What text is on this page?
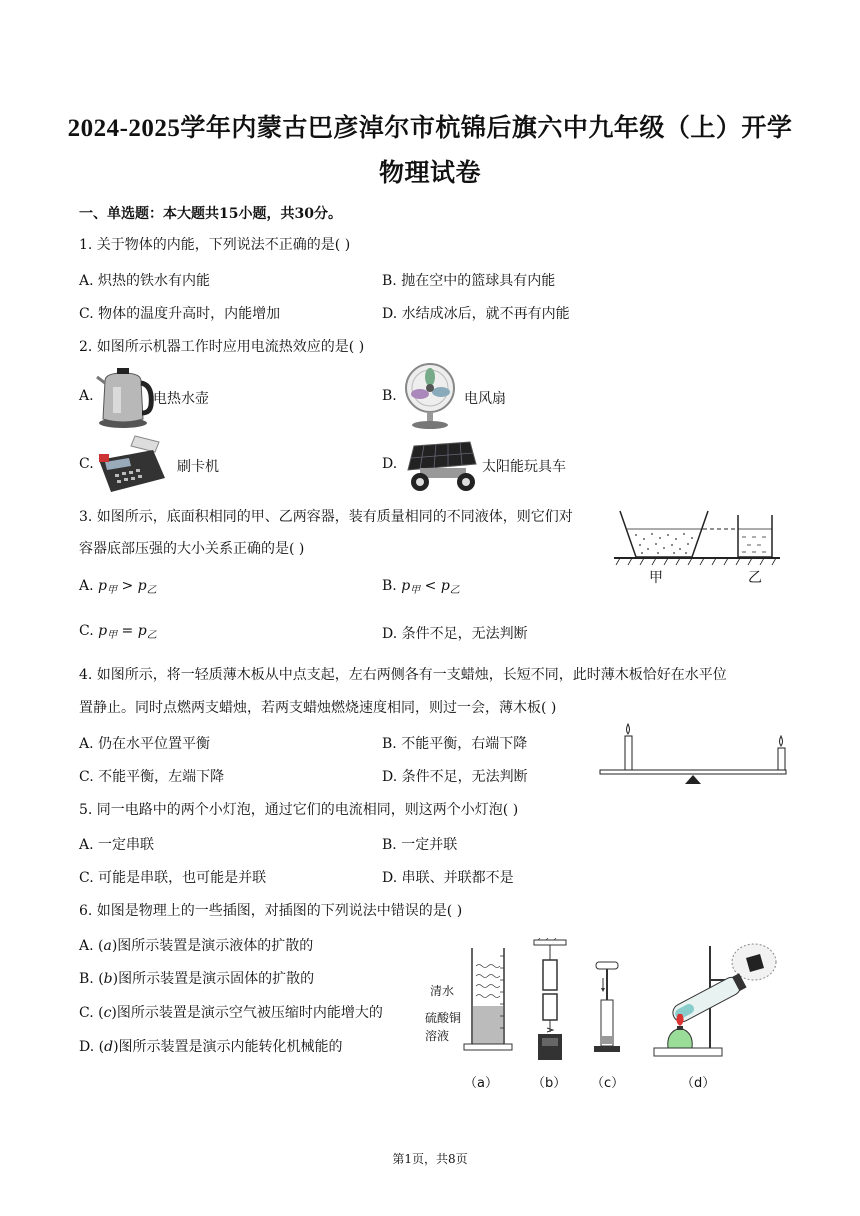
2024-2025学年内蒙古巴彦淖尔市杭锦后旗六中九年级（上）开学
物理试卷
一、单选题：本大题共15小题，共30分。
1. 关于物体的内能，下列说法不正确的是( )
A. 炽热的铁水有内能	B. 抛在空中的篮球具有内能
C. 物体的温度升高时，内能增加	D. 水结成冰后，就不再有内能
2. 如图所示机器工作时应用电流热效应的是( )
A.	电热水壶	B.	电风扇
C.	刷卡机	D.	太阳能玩具车
3. 如图所示，底面积相同的甲、乙两容器，装有质量相同的不同液体，则它们对
容器底部压强的大小关系正确的是( )
A. $p_甲 > p_乙$	B. $p_甲 < p_乙$
C. $p_甲 = p_乙$	D. 条件不足，无法判断
甲	乙
4. 如图所示，将一轻质薄木板从中点支起，左右两侧各有一支蜡烛，长短不同，此时薄木板恰好在水平位
置静止。同时点燃两支蜡烛，若两支蜡烛燃烧速度相同，则过一会，薄木板( )
A. 仍在水平位置平衡	B. 不能平衡，右端下降
C. 不能平衡，左端下降	D. 条件不足，无法判断
5. 同一电路中的两个小灯泡，通过它们的电流相同，则这两个小灯泡( )
A. 一定串联	B. 一定并联
C. 可能是串联，也可能是并联	D. 串联、并联都不是
6. 如图是物理上的一些插图，对插图的下列说法中错误的是( )
A. (a)图所示装置是演示液体的扩散的
B. (b)图所示装置是演示固体的扩散的
C. (c)图所示装置是演示空气被压缩时内能增大的
D. (d)图所示装置是演示内能转化机械能的
清水
硫酸铜
溶液
（a）	（b） （c）	（d）
第1页，共8页
